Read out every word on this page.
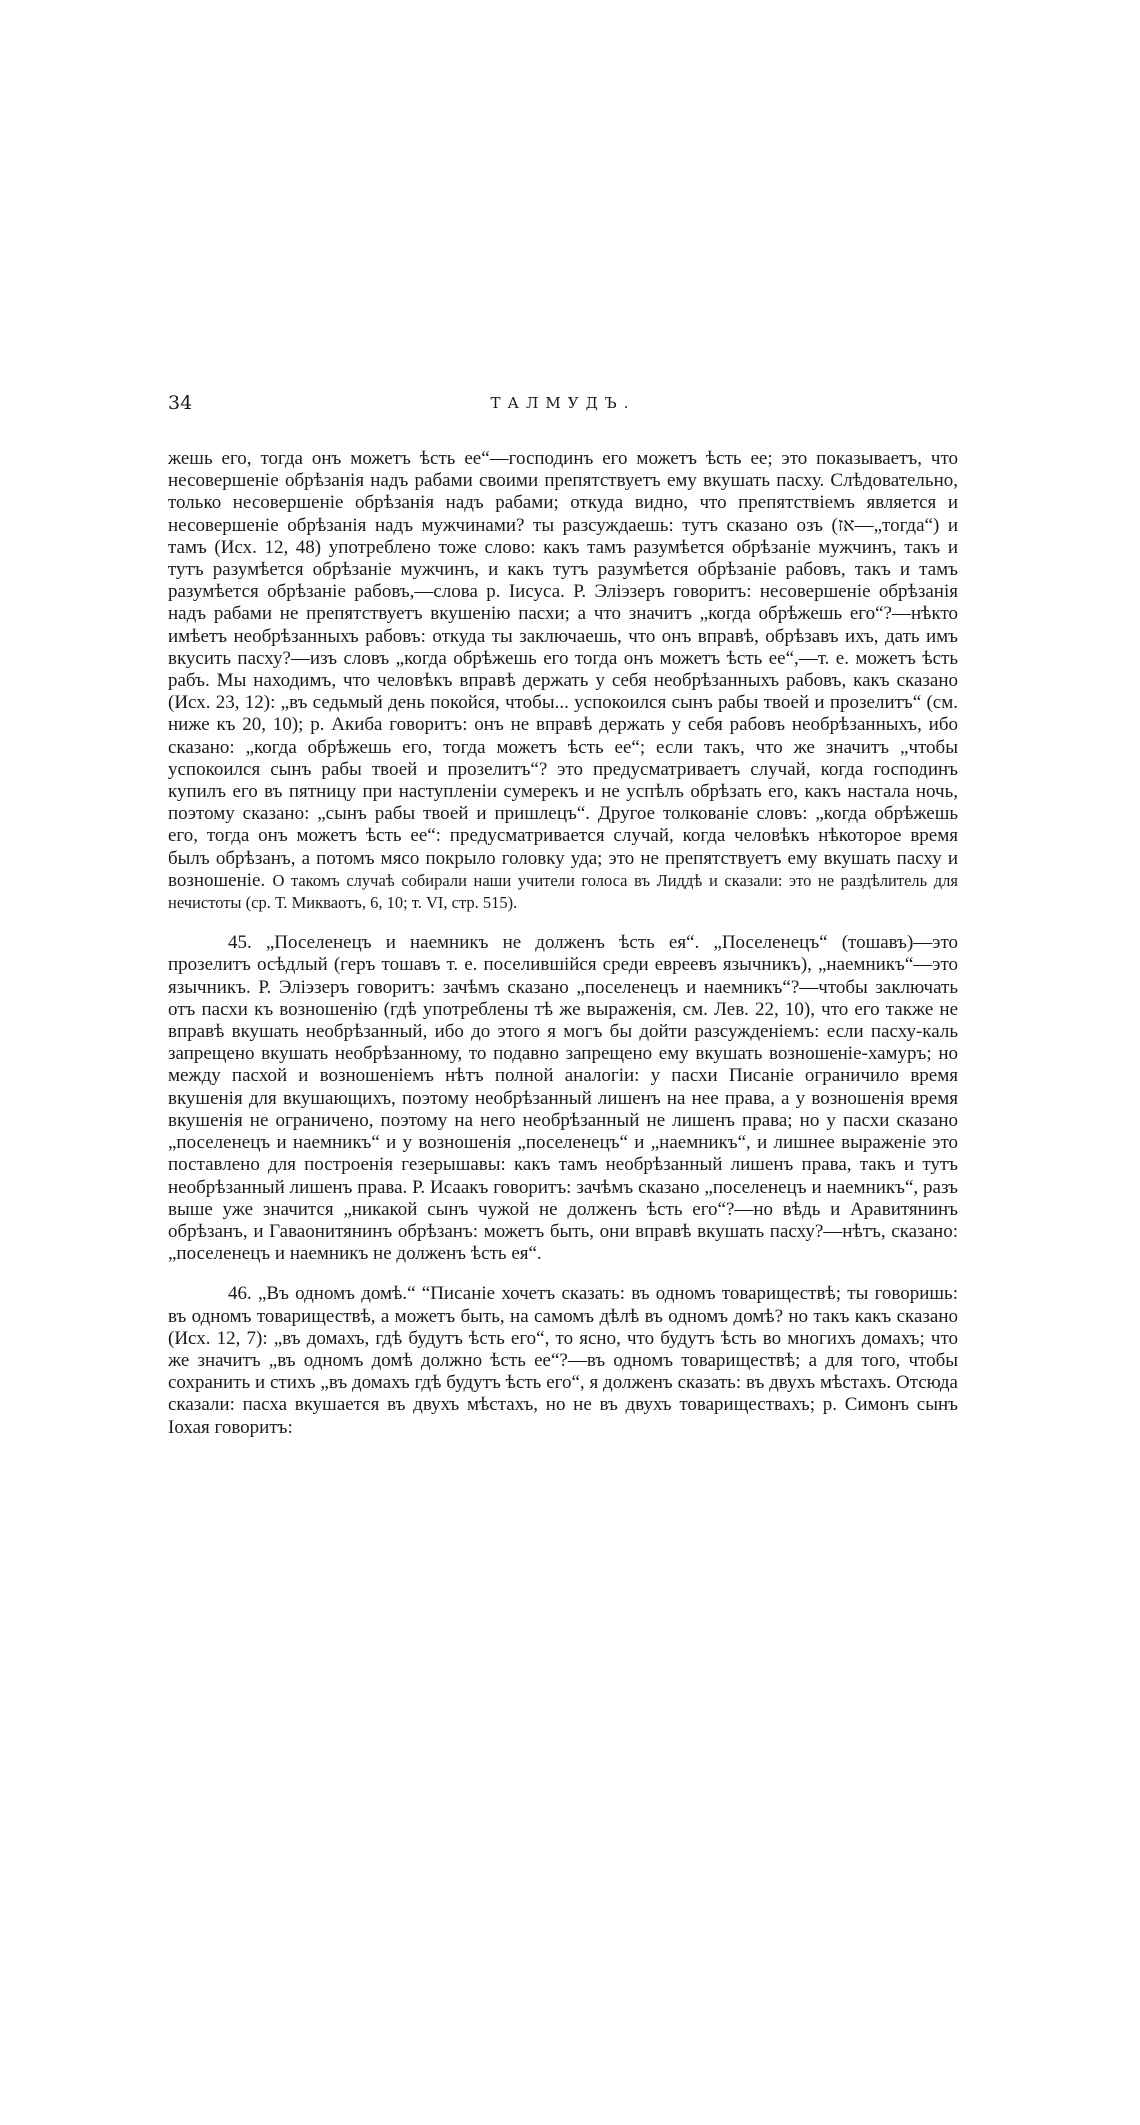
34	ТАЛМУДЪ.

жешь его, тогда онъ можетъ ѣсть ее“—господинъ его можетъ ѣсть ее; это показываетъ, что несовершеніе обрѣзанія надъ рабами своими препятствуетъ ему вкушать пасху. Слѣдовательно, только несовершеніе обрѣзанія надъ рабами; откуда видно, что препятствіемъ является и несовершеніе обрѣзанія надъ мужчинами? ты разсуждаешь: тутъ сказано озъ (אז—„тогда“) и тамъ (Исх. 12, 48) употреблено тоже слово: какъ тамъ разумѣется обрѣзаніе мужчинъ, такъ и тутъ разумѣется обрѣзаніе мужчинъ, и какъ тутъ разумѣется обрѣзаніе рабовъ, такъ и тамъ разумѣется обрѣзаніе рабовъ,—слова р. Іисуса. Р. Элiэзеръ говоритъ: несовершеніе обрѣзанія надъ рабами не препятствуетъ вкушенію пасхи; а что значитъ „когда обрѣжешь его“?—нѣкто имѣетъ необрѣзанныхъ рабовъ: откуда ты заключаешь, что онъ вправѣ, обрѣзавъ ихъ, дать имъ вкусить пасху?—изъ словъ „когда обрѣжешь его тогда онъ можетъ ѣсть ее“,—т. е. можетъ ѣсть рабъ. Мы находимъ, что человѣкъ вправѣ держать у себя необрѣзанныхъ рабовъ, какъ сказано (Исх. 23, 12): „въ седьмый день покойся, чтобы... успокоился сынъ рабы твоей и прозелитъ“ (см. ниже къ 20, 10); р. Акиба говоритъ: онъ не вправѣ держать у себя рабовъ необрѣзанныхъ, ибо сказано: „когда обрѣжешь его, тогда можетъ ѣсть ее“; если такъ, что же значитъ „чтобы успокоился сынъ рабы твоей и прозелитъ“? это предусматриваетъ случай, когда господинъ купилъ его въ пятницу при наступленіи сумерекъ и не успѣлъ обрѣзать его, какъ настала ночь, поэтому сказано: „сынъ рабы твоей и пришлецъ“. Другое толкованіе словъ: „когда обрѣжешь его, тогда онъ можетъ ѣсть ее“: предусматривается случай, когда человѣкъ нѣкоторое время былъ обрѣзанъ, а потомъ мясо покрыло головку уда; это не препятствуетъ ему вкушать пасху и возношеніе. О такомъ случаѣ собирали наши учители голоса въ Лиддѣ и сказали: это не раздѣлитель для нечистоты (ср. Т. Микваотъ, 6, 10; т. VI, стр. 515).

45. „Поселенецъ и наемникъ не долженъ ѣсть ея“. „Поселенецъ“ (тошавъ)—это прозелитъ осѣдлый (геръ тошавъ т. е. поселившійся среди евреевъ язычникъ), „наемникъ“—это язычникъ. Р. Элiэзеръ говоритъ: зачѣмъ сказано „поселенецъ и наемникъ“?—чтобы заключать отъ пасхи къ возношенію (гдѣ употреблены тѣ же выраженія, см. Лев. 22, 10), что его также не вправѣ вкушать необрѣзанный, ибо до этого я могъ бы дойти разсужденіемъ: если пасху-каль запрещено вкушать необрѣзанному, то подавно запрещено ему вкушать возношеніе-хамуръ; но между пасхой и возношеніемъ нѣтъ полной аналогіи: у пасхи Писаніе ограничило время вкушенія для вкушающихъ, поэтому необрѣзанный лишенъ на нее права, а у возношенія время вкушенія не ограничено, поэтому на него необрѣзанный не лишенъ права; но у пасхи сказано „поселенецъ и наемникъ“ и у возношенія „поселенецъ“ и „наемникъ“, и лишнее выраженіе это поставлено для построенія гезерышавы: какъ тамъ необрѣзанный лишенъ права, такъ и тутъ необрѣзанный лишенъ права. Р. Исаакъ говоритъ: зачѣмъ сказано „поселенецъ и наемникъ“, разъ выше уже значится „никакой сынъ чужой не долженъ ѣсть его“?—но вѣдь и Аравитянинъ обрѣзанъ, и Гаваонитянинъ обрѣзанъ: можетъ быть, они вправѣ вкушать пасху?—нѣтъ, сказано: „поселенецъ и наемникъ не долженъ ѣсть ея“.

46. „Въ одномъ домѣ.“ “Писаніе хочетъ сказать: въ одномъ товариществѣ; ты говоришь: въ одномъ товариществѣ, а можетъ быть, на самомъ дѣлѣ въ одномъ домѣ? но такъ какъ сказано (Исх. 12, 7): „въ домахъ, гдѣ будутъ ѣсть его“, то ясно, что будутъ ѣсть во многихъ домахъ; что же значитъ „въ одномъ домѣ должно ѣсть ее“?—въ одномъ товариществѣ; а для того, чтобы сохранить и стихъ „въ домахъ гдѣ будутъ ѣсть его“, я долженъ сказать: въ двухъ мѣстахъ. Отсюда сказали: пасха вкушается въ двухъ мѣстахъ, но не въ двухъ товариществахъ; р. Симонъ сынъ Іохая говоритъ:
